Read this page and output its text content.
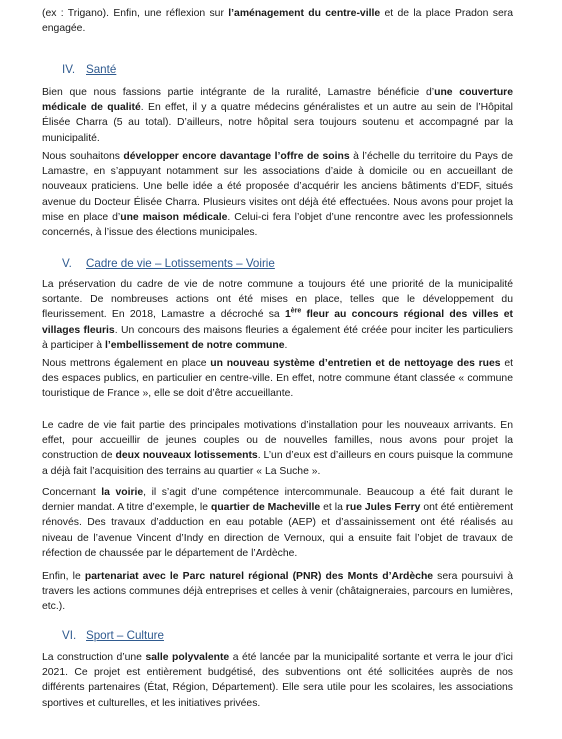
(ex : Trigano). Enfin, une réflexion sur l’aménagement du centre-ville et de la place Pradon sera engagée.

IV. Santé

Bien que nous fassions partie intégrante de la ruralité, Lamastre bénéficie d’une couverture médicale de qualité. En effet, il y a quatre médecins généralistes et un autre au sein de l’Hôpital Élisée Charra (5 au total). D’ailleurs, notre hôpital sera toujours soutenu et accompagné par la municipalité.

Nous souhaitons développer encore davantage l’offre de soins à l’échelle du territoire du Pays de Lamastre, en s’appuyant notamment sur les associations d’aide à domicile ou en accueillant de nouveaux praticiens. Une belle idée a été proposée d’acquérir les anciens bâtiments d’EDF, situés avenue du Docteur Élisée Charra. Plusieurs visites ont déjà été effectuées. Nous avons pour projet la mise en place d’une maison médicale. Celui-ci fera l’objet d’une rencontre avec les professionnels concernés, à l’issue des élections municipales.

V. Cadre de vie – Lotissements – Voirie

La préservation du cadre de vie de notre commune a toujours été une priorité de la municipalité sortante. De nombreuses actions ont été mises en place, telles que le développement du fleurissement. En 2018, Lamastre a décroché sa 1ère fleur au concours régional des villes et villages fleuris. Un concours des maisons fleuries a également été créée pour inciter les particuliers à participer à l’embellissement de notre commune.

Nous mettrons également en place un nouveau système d’entretien et de nettoyage des rues et des espaces publics, en particulier en centre-ville. En effet, notre commune étant classée « commune touristique de France », elle se doit d’être accueillante.

Le cadre de vie fait partie des principales motivations d’installation pour les nouveaux arrivants. En effet, pour accueillir de jeunes couples ou de nouvelles familles, nous avons pour projet la construction de deux nouveaux lotissements. L’un d’eux est d’ailleurs en cours puisque la commune a déjà fait l’acquisition des terrains au quartier « La Suche ».

Concernant la voirie, il s’agit d’une compétence intercommunale. Beaucoup a été fait durant le dernier mandat. A titre d’exemple, le quartier de Macheville et la rue Jules Ferry ont été entièrement rénovés. Des travaux d’adduction en eau potable (AEP) et d’assainissement ont été réalisés au niveau de l’avenue Vincent d’Indy en direction de Vernoux, qui a ensuite fait l’objet de travaux de réfection de chaussée par le département de l’Ardèche.

Enfin, le partenariat avec le Parc naturel régional (PNR) des Monts d’Ardèche sera poursuivi à travers les actions communes déjà entreprises et celles à venir (châtaigneraies, parcours en lumières, etc.).

VI. Sport – Culture

La construction d’une salle polyvalente a été lancée par la municipalité sortante et verra le jour d’ici 2021. Ce projet est entièrement budgétisé, des subventions ont été sollicitées auprès de nos différents partenaires (État, Région, Département). Elle sera utile pour les scolaires, les associations sportives et culturelles, et les initiatives privées.
